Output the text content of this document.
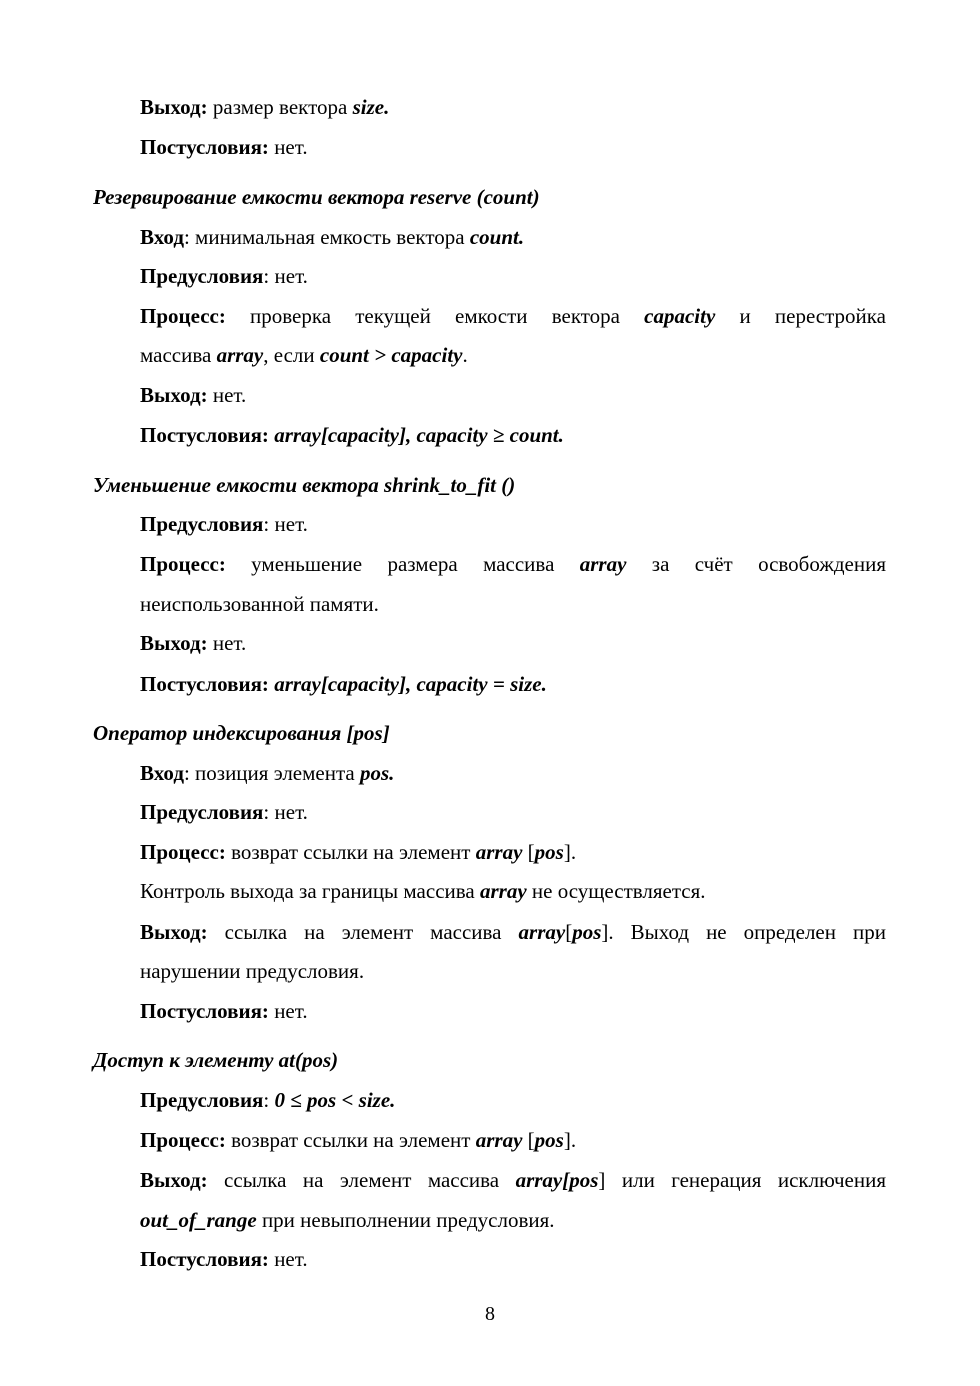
Выход: размер вектора size.
Постусловия: нет.
Резервирование емкости вектора reserve (count)
Вход: минимальная емкость вектора count.
Предусловия: нет.
Процесс: проверка текущей емкости вектора capacity и перестройка
массива array, если count > capacity.
Выход: нет.
Постусловия: array[capacity], capacity ≥ count.
Уменьшение емкости вектора shrink_to_fit ()
Предусловия: нет.
Процесс: уменьшение размера массива array за счёт освобождения
неиспользованной памяти.
Выход: нет.
Постусловия: array[capacity], capacity = size.
Оператор индексирования [pos]
Вход: позиция элемента pos.
Предусловия: нет.
Процесс: возврат ссылки на элемент array [pos].
Контроль выхода за границы массива array не осуществляется.
Выход: ссылка на элемент массива array[pos]. Выход не определен при
нарушении предусловия.
Постусловия: нет.
Доступ к элементу at(pos)
Предусловия: 0 ≤ pos < size.
Процесс: возврат ссылки на элемент array [pos].
Выход: ссылка на элемент массива array[pos] или генерация исключения
out_of_range при невыполнении предусловия.
Постусловия: нет.
8
